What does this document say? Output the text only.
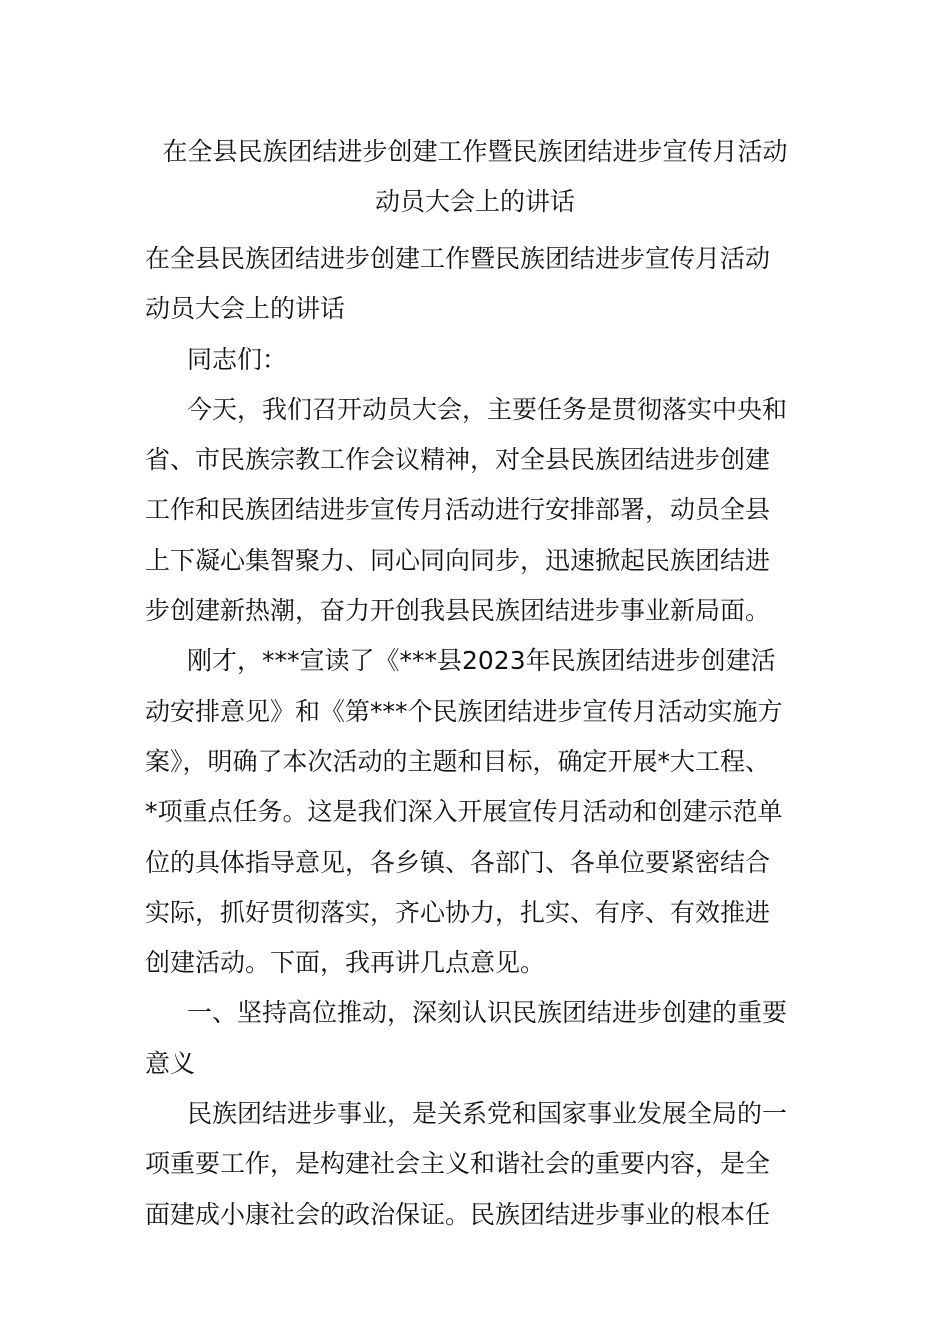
在全县民族团结进步创建工作暨民族团结进步宣传月活动
动员大会上的讲话

在全县民族团结进步创建工作暨民族团结进步宣传月活动
动员大会上的讲话

同志们：

今天，我们召开动员大会，主要任务是贯彻落实中央和
省、市民族宗教工作会议精神，对全县民族团结进步创建
工作和民族团结进步宣传月活动进行安排部署，动员全县
上下凝心集智聚力、同心同向同步，迅速掀起民族团结进
步创建新热潮，奋力开创我县民族团结进步事业新局面。

刚才，***宣读了《***县2023年民族团结进步创建活
动安排意见》和《第***个民族团结进步宣传月活动实施方
案》，明确了本次活动的主题和目标，确定开展*大工程、
*项重点任务。这是我们深入开展宣传月活动和创建示范单
位的具体指导意见，各乡镇、各部门、各单位要紧密结合
实际，抓好贯彻落实，齐心协力，扎实、有序、有效推进
创建活动。下面，我再讲几点意见。

一、坚持高位推动，深刻认识民族团结进步创建的重要
意义

民族团结进步事业，是关系党和国家事业发展全局的一
项重要工作，是构建社会主义和谐社会的重要内容，是全
面建成小康社会的政治保证。民族团结进步事业的根本任
